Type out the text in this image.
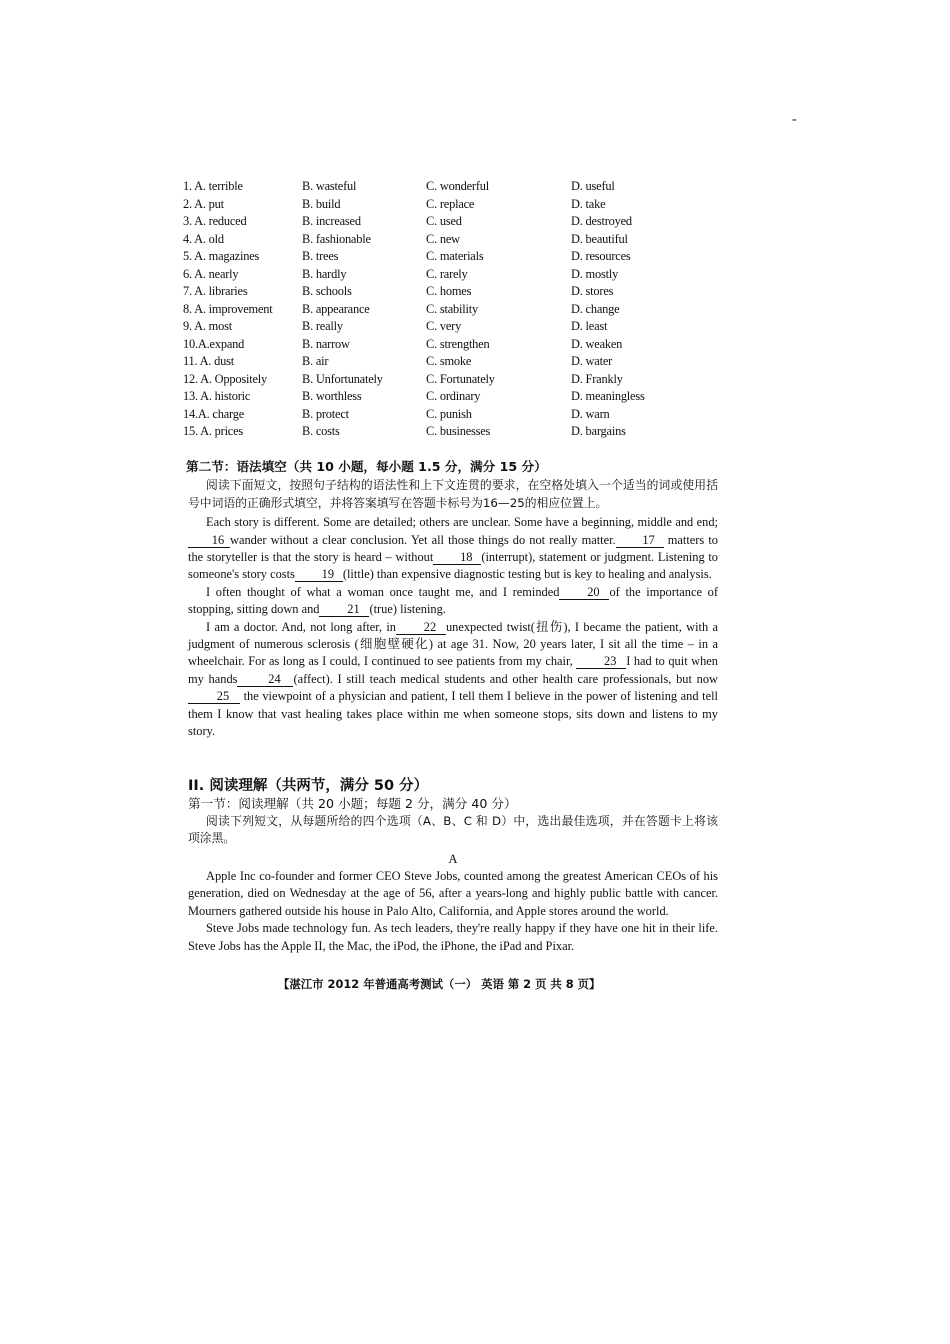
-
1. A. terrible	B. wasteful	C. wonderful	D. useful
2. A. put	B. build	C. replace	D. take
3. A. reduced	B. increased	C. used	D. destroyed
4. A. old	B. fashionable	C. new	D. beautiful
5. A. magazines	B. trees	C. materials	D. resources
6. A. nearly	B. hardly	C. rarely	D. mostly
7. A. libraries	B. schools	C. homes	D. stores
8. A. improvement	B. appearance	C. stability	D. change
9. A. most	B. really	C. very	D. least
10.A.expand	B. narrow	C. strengthen	D. weaken
11. A. dust	B. air	C. smoke	D. water
12. A. Oppositely	B. Unfortunately	C. Fortunately	D. Frankly
13. A. historic	B. worthless	C. ordinary	D. meaningless
14.A. charge	B. protect	C. punish	D. warn
15. A. prices	B. costs	C. businesses	D. bargains
第二节：语法填空（共 10 小题，每小题 1.5 分，满分 15 分）

阅读下面短文，按照句子结构的语法性和上下文连贯的要求，在空格处填入一个适当的词或使用括号中词语的正确形式填空，并将答案填写在答题卡标号为16—25的相应位置上。

Each story is different. Some are detailed; others are unclear. Some have a beginning, middle and end; 16 wander without a clear conclusion. Yet all those things do not really matter. 17 matters to the storyteller is that the story is heard – without 18 (interrupt), statement or judgment. Listening to someone's story costs 19 (little) than expensive diagnostic testing but is key to healing and analysis.

I often thought of what a woman once taught me, and I reminded 20 of the importance of stopping, sitting down and 21 (true) listening.

I am a doctor. And, not long after, in 22 unexpected twist(扭伤), I became the patient, with a judgment of numerous sclerosis (细胞壁硬化) at age 31. Now, 20 years later, I sit all the time – in a wheelchair. For as long as I could, I continued to see patients from my chair,	23 I had to quit when my hands 24 (affect). I still teach medical students and other health care professionals, but now25 the viewpoint of a physician and patient, I tell them I believe in the power of listening and tell them I know that vast healing takes place within me when someone stops, sits down and listens to my story.

II. 阅读理解（共两节，满分 50 分）
第一节：阅读理解（共 20 小题；每题 2 分，满分 40 分）

阅读下列短文，从每题所给的四个选项（A、B、C 和 D）中，选出最佳选项，并在答题卡上将该项涂黑。

A

Apple Inc co-founder and former CEO Steve Jobs, counted among the greatest American CEOs of his generation, died on Wednesday at the age of 56, after a years-long and highly public battle with cancer. Mourners gathered outside his house in Palo Alto, California, and Apple stores around the world.

Steve Jobs made technology fun. As tech leaders, they're really happy if they have one hit in their life. Steve Jobs has the Apple II, the Mac, the iPod, the iPhone, the iPad and Pixar.

【湛江市 2012 年普通高考测试（一） 英语 第 2 页 共 8 页】
